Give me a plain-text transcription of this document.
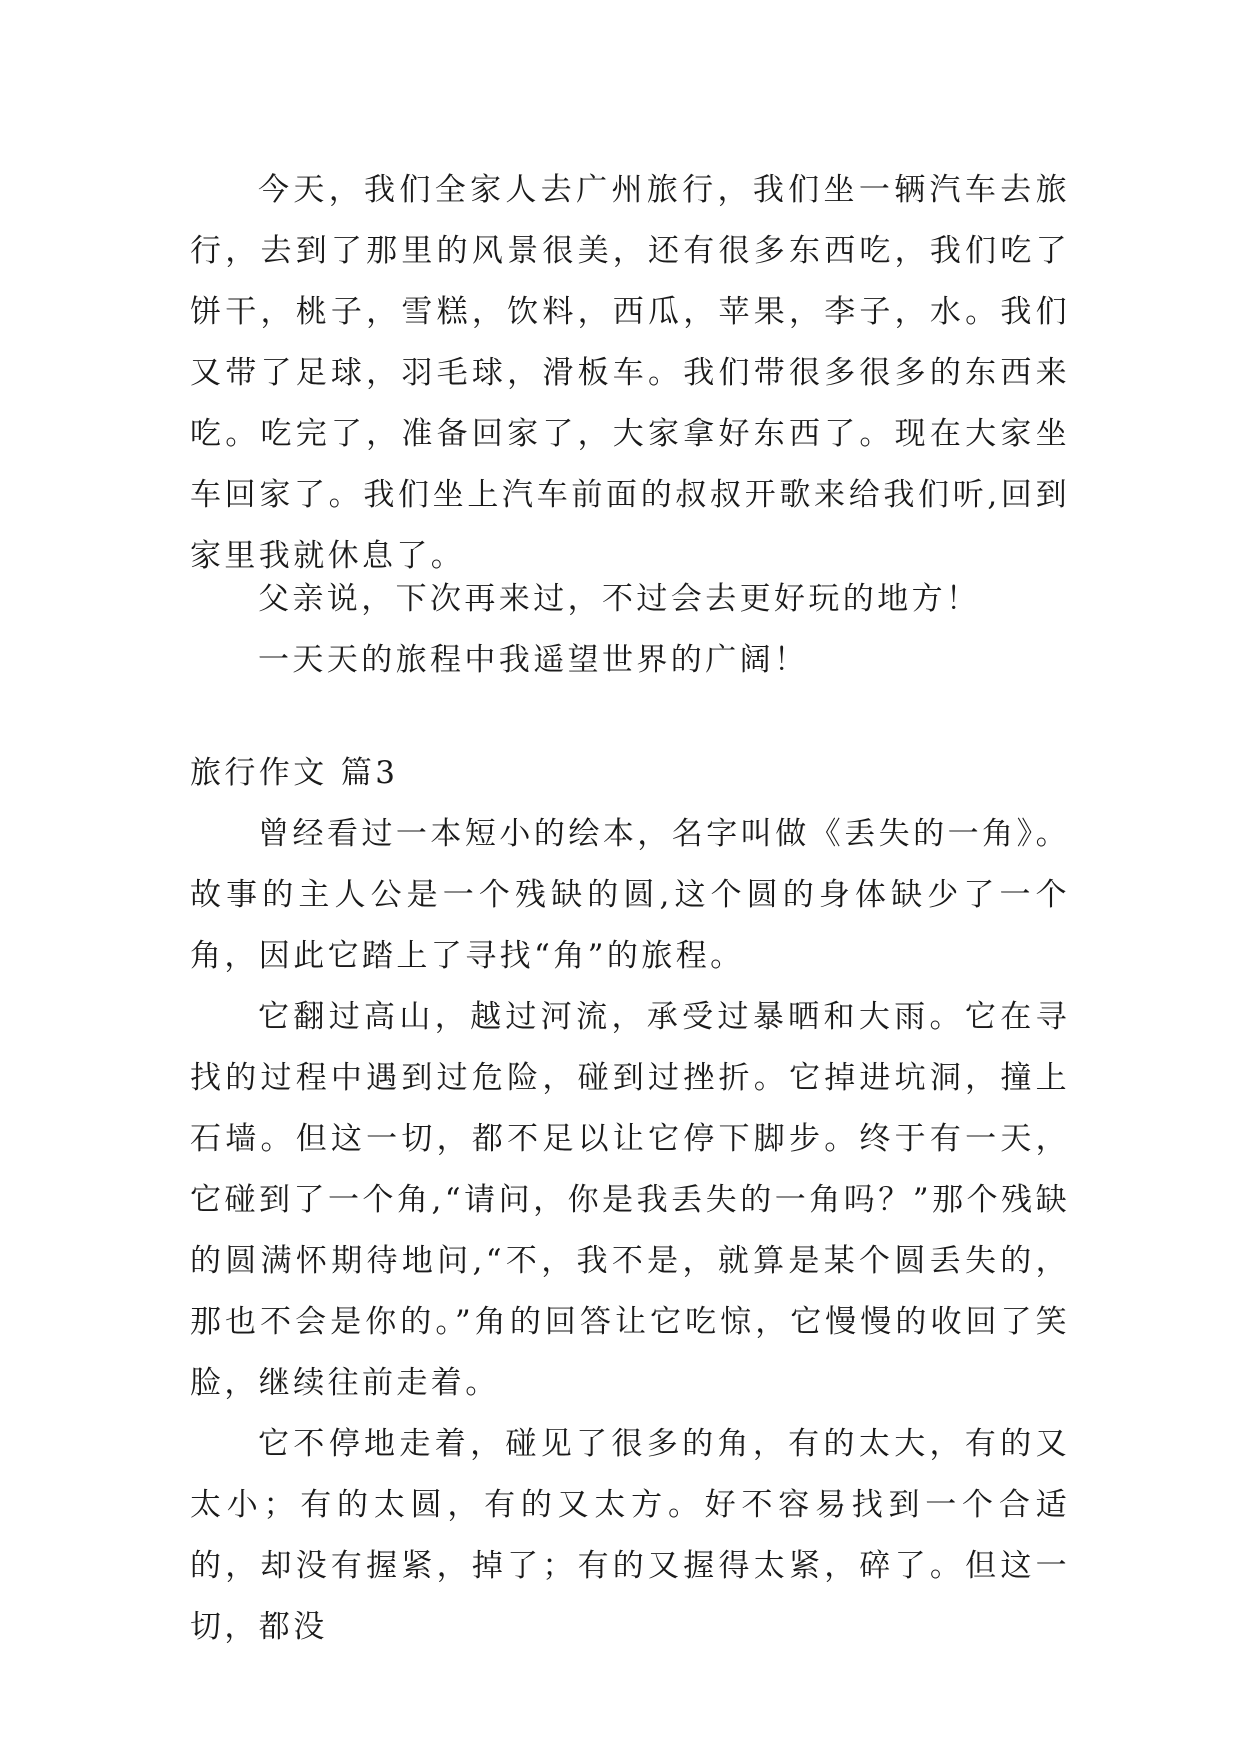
今天，我们全家人去广州旅行，我们坐一辆汽车去旅行，去到了那里的风景很美，还有很多东西吃，我们吃了饼干，桃子，雪糕，饮料，西瓜，苹果，李子，水。我们又带了足球，羽毛球，滑板车。我们带很多很多的东西来吃。吃完了，准备回家了，大家拿好东西了。现在大家坐车回家了。我们坐上汽车前面的叔叔开歌来给我们听,回到家里我就休息了。

父亲说，下次再来过，不过会去更好玩的地方！

一天天的旅程中我遥望世界的广阔！

旅行作文 篇3

曾经看过一本短小的绘本，名字叫做《丢失的一角》。故事的主人公是一个残缺的圆,这个圆的身体缺少了一个角，因此它踏上了寻找“角”的旅程。

它翻过高山，越过河流，承受过暴晒和大雨。它在寻找的过程中遇到过危险，碰到过挫折。它掉进坑洞，撞上石墙。但这一切，都不足以让它停下脚步。终于有一天，它碰到了一个角,“请问，你是我丢失的一角吗？”那个残缺的圆满怀期待地问,“不，我不是，就算是某个圆丢失的，那也不会是你的。”角的回答让它吃惊，它慢慢的收回了笑脸，继续往前走着。

它不停地走着，碰见了很多的角，有的太大，有的又太小；有的太圆，有的又太方。好不容易找到一个合适的，却没有握紧，掉了；有的又握得太紧，碎了。但这一切，都没
